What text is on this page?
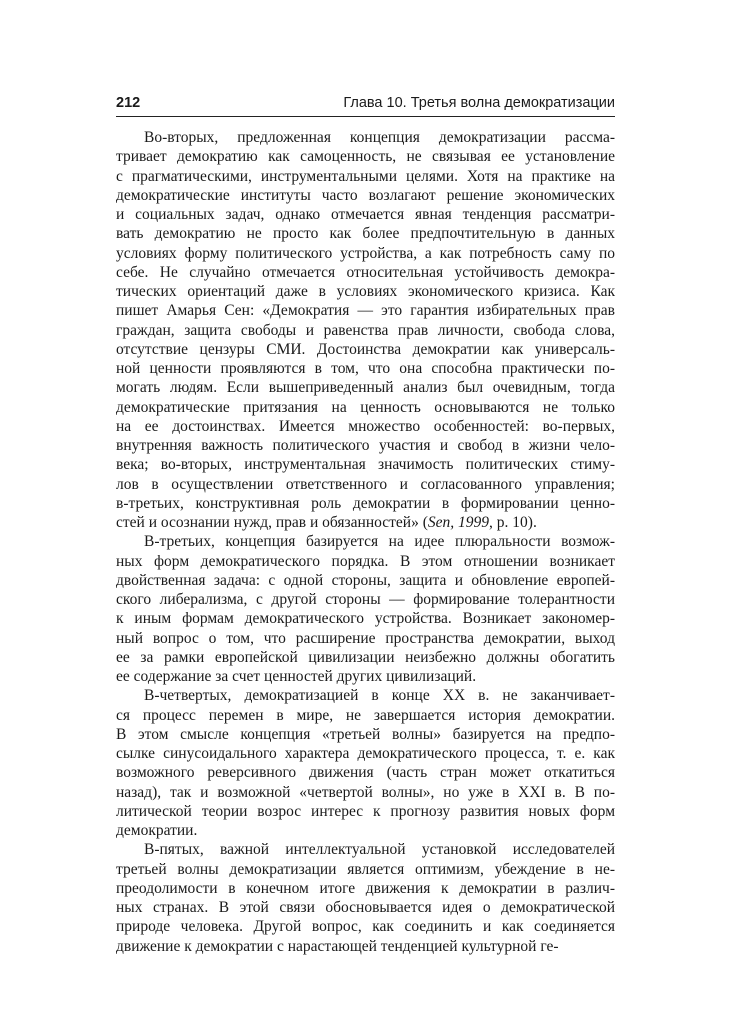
212	Глава 10. Третья волна демократизации
Во-вторых, предложенная концепция демократизации рассма-
тривает демократию как самоценность, не связывая ее установление
с прагматическими, инструментальными целями. Хотя на практике на
демократические институты часто возлагают решение экономических
и социальных задач, однако отмечается явная тенденция рассматри-
вать демократию не просто как более предпочтительную в данных
условиях форму политического устройства, а как потребность саму по
себе. Не случайно отмечается относительная устойчивость демокра-
тических ориентаций даже в условиях экономического кризиса. Как
пишет Амарья Сен: «Демократия — это гарантия избирательных прав
граждан, защита свободы и равенства прав личности, свобода слова,
отсутствие цензуры СМИ. Достоинства демократии как универсаль-
ной ценности проявляются в том, что она способна практически по-
могать людям. Если вышеприведенный анализ был очевидным, тогда
демократические притязания на ценность основываются не только
на ее достоинствах. Имеется множество особенностей: во-первых,
внутренняя важность политического участия и свобод в жизни чело-
века; во-вторых, инструментальная значимость политических стиму-
лов в осуществлении ответственного и согласованного управления;
в-третьих, конструктивная роль демократии в формировании ценно-
стей и осознании нужд, прав и обязанностей» (Sen, 1999, p. 10).
В-третьих, концепция базируется на идее плюральности возмож-
ных форм демократического порядка. В этом отношении возникает
двойственная задача: с одной стороны, защита и обновление европей-
ского либерализма, с другой стороны — формирование толерантности
к иным формам демократического устройства. Возникает закономер-
ный вопрос о том, что расширение пространства демократии, выход
ее за рамки европейской цивилизации неизбежно должны обогатить
ее содержание за счет ценностей других цивилизаций.
В-четвертых, демократизацией в конце XX в. не заканчивает-
ся процесс перемен в мире, не завершается история демократии.
В этом смысле концепция «третьей волны» базируется на предпо-
сылке синусоидального характера демократического процесса, т. е. как
возможного реверсивного движения (часть стран может откатиться
назад), так и возможной «четвертой волны», но уже в XXI в. В по-
литической теории возрос интерес к прогнозу развития новых форм
демократии.
В-пятых, важной интеллектуальной установкой исследователей
третьей волны демократизации является оптимизм, убеждение в не-
преодолимости в конечном итоге движения к демократии в различ-
ных странах. В этой связи обосновывается идея о демократической
природе человека. Другой вопрос, как соединить и как соединяется
движение к демократии с нарастающей тенденцией культурной ге-
